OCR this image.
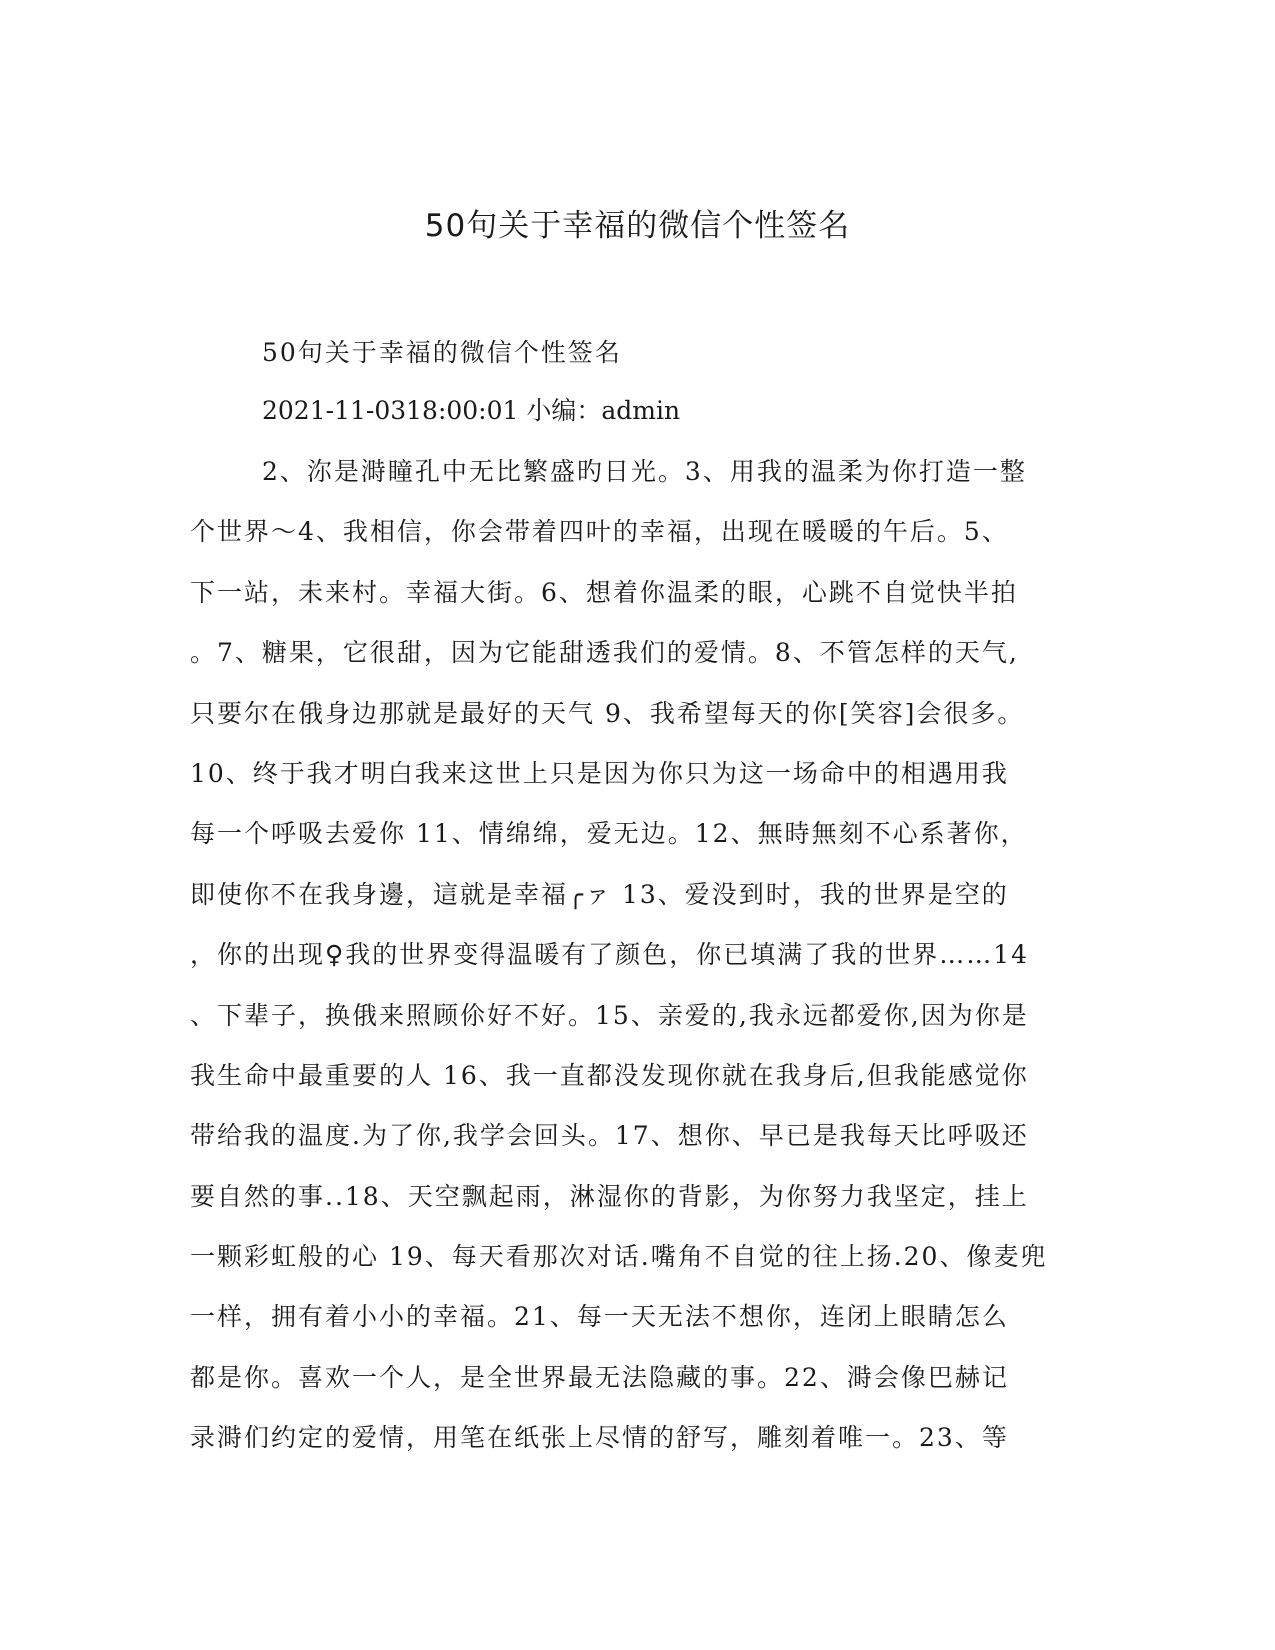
50句关于幸福的微信个性签名
50句关于幸福的微信个性签名
2021-11-0318:00:01 小编：admin
2、沵是溡瞳孔中无比繁盛旳日光。3、用我的温柔为你打造一整
个世界～4、我相信，你会带着四叶的幸福，出现在暖暖的午后。5、
下一站，未来村。幸福大街。6、想着你温柔的眼，心跳不自觉快半拍
。7、糖果，它很甜，因为它能甜透我们的爱情。8、不管怎样的天气,
只要尔在俄身边那就是最好的天气 9、我希望每天的你[笑容]会很多。
10、终于我才明白我来这世上只是因为你只为这一场命中的相遇用我
每一个呼吸去爱你 11、情绵绵，爱无边。12、無時無刻不心系著你，
即使你不在我身邊，這就是幸福╭ァ 13、爱没到时，我的世界是空的
，你的出现♀我的世界变得温暖有了颜色，你已填满了我的世界……14
、下辈子，换俄来照顾伱好不好。15、亲爱的,我永远都爱你,因为你是
我生命中最重要的人 16、我一直都没发现你就在我身后,但我能感觉你
带给我的温度.为了你,我学会回头。17、想你、早已是我每天比呼吸还
要自然的事..18、天空飘起雨，淋湿你的背影，为你努力我坚定，挂上
一颗彩虹般的心 19、每天看那次对话.嘴角不自觉的往上扬.20、像麦兜
一样，拥有着小小的幸福。21、每一天无法不想你，连闭上眼睛怎么
都是你。喜欢一个人，是全世界最无法隐藏的事。22、溡会像巴赫记
录溡们约定的爱情，用笔在纸张上尽情的舒写，雕刻着唯一。23、等
